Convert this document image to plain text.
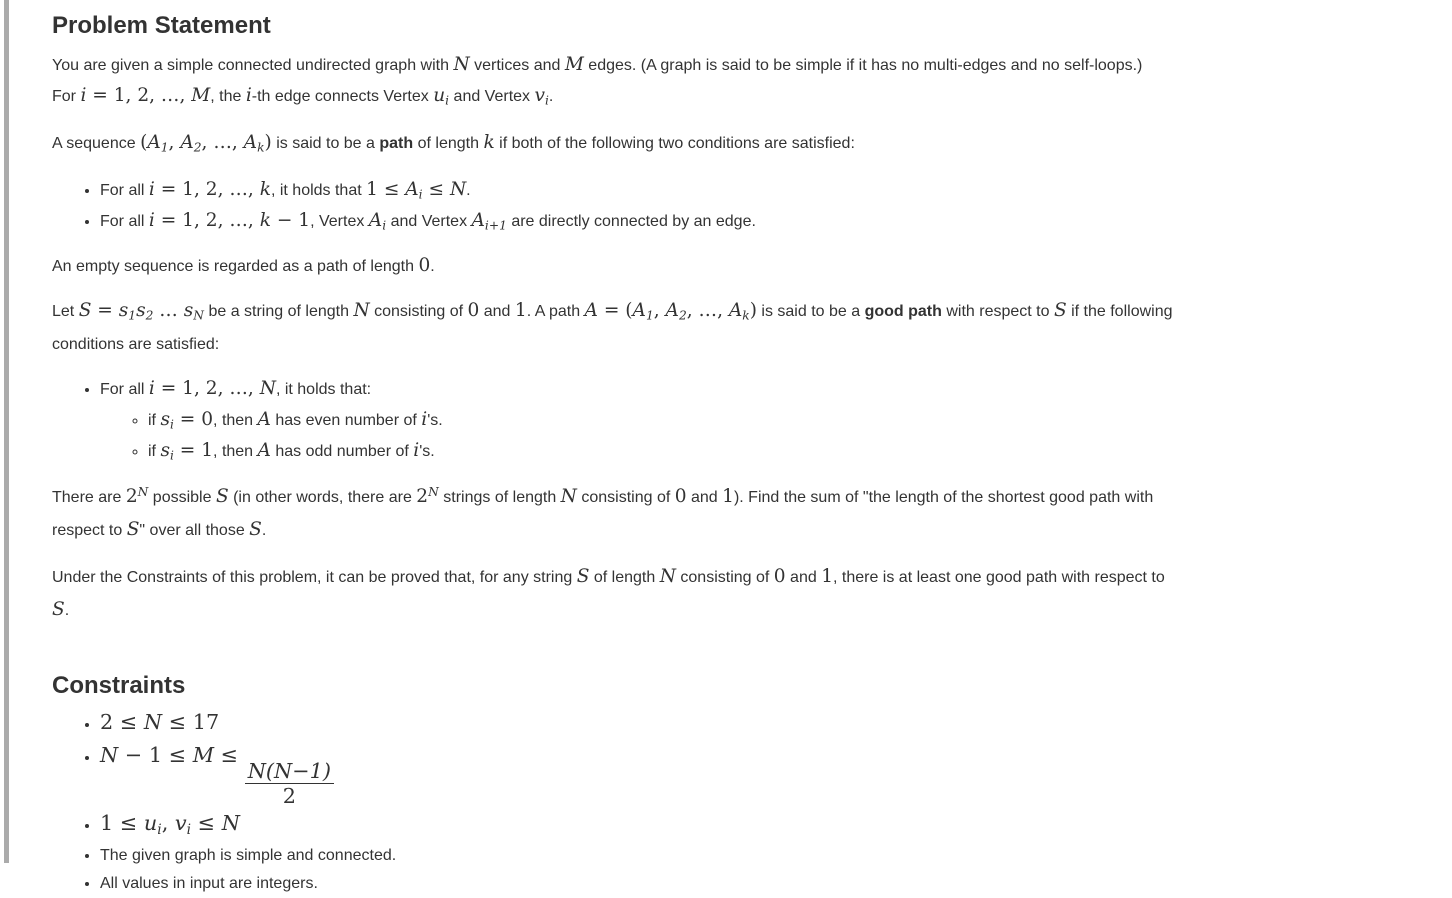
Problem Statement
You are given a simple connected undirected graph with N vertices and M edges. (A graph is said to be simple if it has no multi-edges and no self-loops.)
For i = 1, 2, …, M, the i-th edge connects Vertex $u_i$ and Vertex $v_i$.
A sequence ($A_1$, $A_2$, …, $A_k$) is said to be a path of length k if both of the following two conditions are satisfied:
• For all i = 1, 2, …, k, it holds that $1 \le A_i \le N$.
• For all i = 1, 2, …, k − 1, Vertex $A_i$ and Vertex $A_{i+1}$ are directly connected by an edge.
An empty sequence is regarded as a path of length 0.
Let $S = s_1s_2$ … $s_N$ be a string of length N consisting of 0 and 1. A path $A = (A_1$, $A_2$, …, $A_k$) is said to be a good path with respect to S if the following
conditions are satisfied:
• For all i = 1, 2, …, N, it holds that:
◦ if $s_i = 0$, then A has even number of i's.
◦ if $s_i = 1$, then A has odd number of i's.
There are $2^N$ possible S (in other words, there are $2^N$ strings of length N consisting of 0 and 1). Find the sum of "the length of the shortest good path with
respect to S" over all those S.
Under the Constraints of this problem, it can be proved that, for any string S of length N consisting of 0 and 1, there is at least one good path with respect to
S.
Constraints
• 2 ≤ N ≤ 17
• N − 1 ≤ M ≤
$\frac{N(N-1)}{2}$
• $1 \le u_i$, $v_i \le N$
• The given graph is simple and connected.
• All values in input are integers.
